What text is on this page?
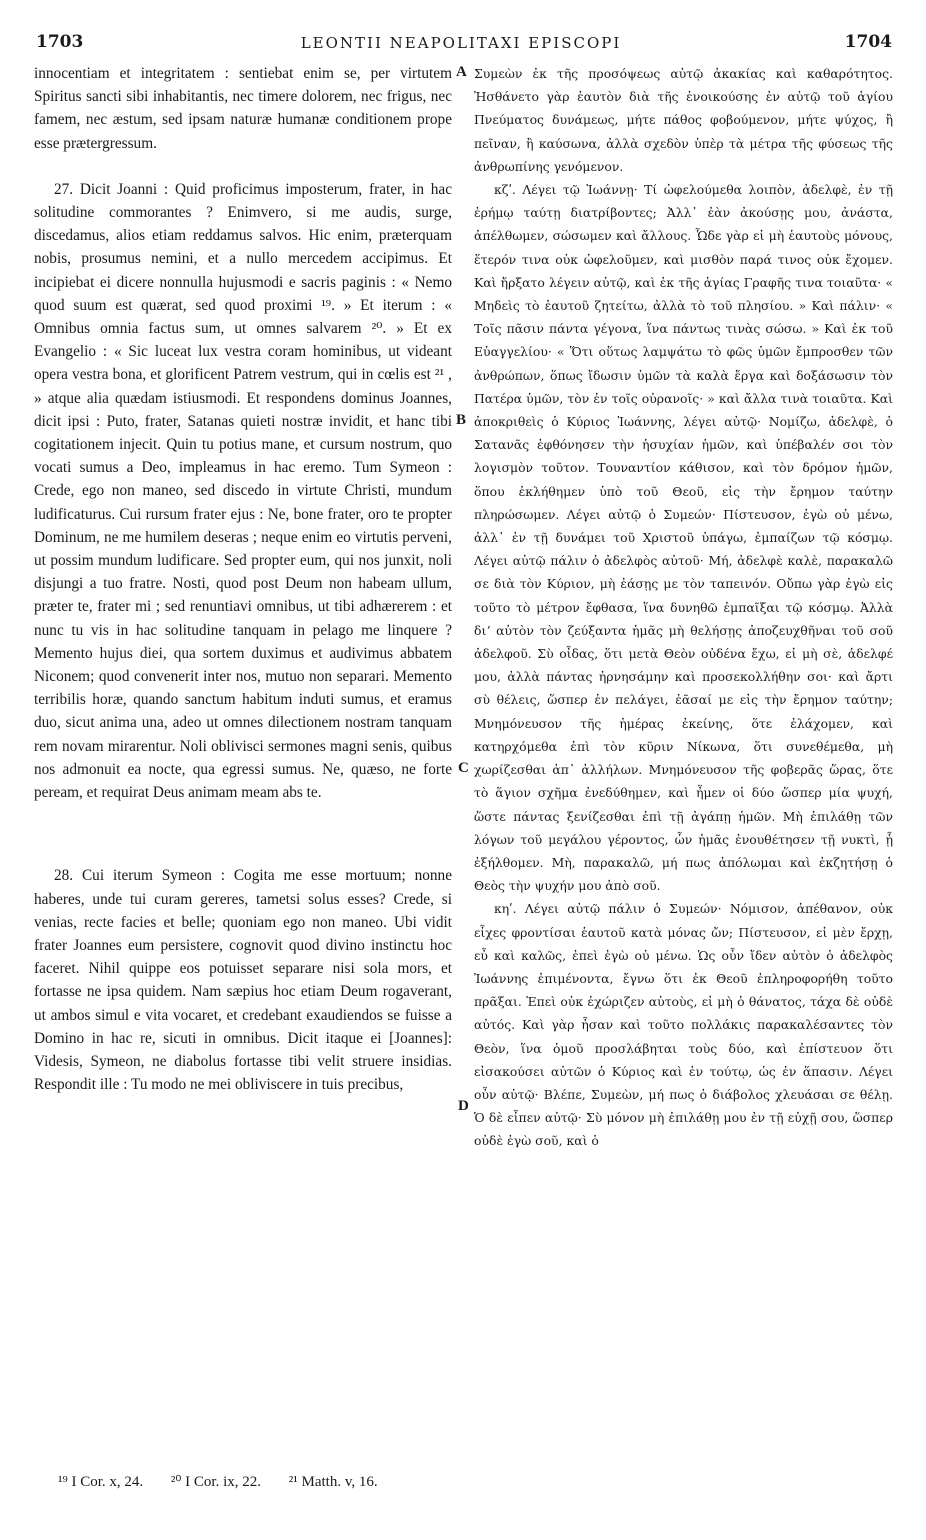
1703	LEONTII NEAPOLITAXI EPISCOPI	1704

innocentiam et integritatem : sentiebat enim se, per virtutem Spiritus sancti sibi inhabitantis, nec timere dolorem, nec frigus, nec famem, nec æstum, sed ipsam naturæ humanæ conditionem prope esse prætergressum.

27. Dicit Joanni : Quid proficimus imposterum, frater, in hac solitudine commorantes ? Enimvero, si me audis, surge, discedamus, alios etiam reddamus salvos. Hic enim, præterquam nobis, prosumus nemini, et a nullo mercedem accipimus. Et incipiebat ei dicere nonnulla hujusmodi e sacris paginis : « Nemo quod suum est quærat, sed quod proximi ¹⁹. » Et iterum : « Omnibus omnia factus sum, ut omnes salvarem ²⁰. » Et ex Evangelio : « Sic luceat lux vestra coram hominibus, ut videant opera vestra bona, et glorificent Patrem vestrum, qui in cœlis est ²¹ , » atque alia quædam istiusmodi. Et respondens dominus Joannes, dicit ipsi : Puto, frater, Satanas quieti nostræ invidit, et hanc tibi cogitationem injecit. Quin tu potius mane, et cursum nostrum, quo vocati sumus a Deo, impleamus in hac eremo. Tum Symeon : Crede, ego non maneo, sed discedo in virtute Christi, mundum ludificaturus. Cui rursum frater ejus : Ne, bone frater, oro te propter Dominum, ne me humilem deseras ; neque enim eo virtutis perveni, ut possim mundum ludificare. Sed propter eum, qui nos junxit, noli disjungi a tuo fratre. Nosti, quod post Deum non habeam ullum, præter te, frater mi ; sed renuntiavi omnibus, ut tibi adhærerem : et nunc tu vis in hac solitudine tanquam in pelago me linquere ? Memento hujus diei, qua sortem duximus et audivimus abbatem Niconem; quod convenerit inter nos, mutuo non separari. Memento terribilis horæ, quando sanctum habitum induti sumus, et eramus duo, sicut anima una, adeo ut omnes dilectionem nostram tanquam rem novam mirarentur. Noli oblivisci sermones magni senis, quibus nos admonuit ea nocte, qua egressi sumus. Ne, quæso, ne forte peream, et requirat Deus animam meam abs te.

28. Cui iterum Symeon : Cogita me esse mortuum; nonne haberes, unde tui curam gereres, tametsi solus esses? Crede, si venias, recte facies et belle; quoniam ego non maneo. Ubi vidit frater Joannes eum persistere, cognovit quod divino instinctu hoc faceret. Nihil quippe eos potuisset separare nisi sola mors, et fortasse ne ipsa quidem. Nam sæpius hoc etiam Deum rogaverant, ut ambos simul e vita vocaret, et credebant exaudiendos se fuisse a Domino in hac re, sicuti in omnibus. Dicit itaque ei [Joannes]: Videsis, Symeon, ne diabolus fortasse tibi velit struere insidias. Respondit ille : Tu modo ne mei obliviscere in tuis precibus,

Συμεὼν ἐκ τῆς προσόψεως αὐτῷ ἀκακίας καὶ καθαρότητος. Ἠσθάνετο γὰρ ἑαυτὸν διὰ τῆς ἐνοικούσης ἐν αὐτῷ τοῦ ἁγίου Πνεύματος δυνάμεως, μήτε πάθος φοβούμενον, μήτε ψύχος, ἢ πεῖναν, ἢ καύσωνα, ἀλλὰ σχεδὸν ὑπὲρ τὰ μέτρα τῆς φύσεως τῆς ἀνθρωπίνης γενόμενον.

κζʹ. Λέγει τῷ Ἰωάννῃ· Τί ὠφελούμεθα λοιπὸν, ἀδελφὲ, ἐν τῇ ἐρήμῳ ταύτῃ διατρίβοντες; Ἀλλ᾽ ἐὰν ἀκούσῃς μου, ἀνάστα, ἀπέλθωμεν, σώσωμεν καὶ ἄλλους. Ὧδε γὰρ εἰ μὴ ἑαυτοὺς μόνους, ἕτερόν τινα οὐκ ὠφελοῦμεν, καὶ μισθὸν παρά τινος οὐκ ἔχομεν. Καὶ ἤρξατο λέγειν αὐτῷ, καὶ ἐκ τῆς ἁγίας Γραφῆς τινα τοιαῦτα· « Μηδεὶς τὸ ἑαυτοῦ ζητείτω, ἀλλὰ τὸ τοῦ πλησίου. » Καὶ πάλιν· « Τοῖς πᾶσιν πάντα γέγονα, ἵνα πάντως τινὰς σώσω. » Καὶ ἐκ τοῦ Εὐαγγελίου· « Ὅτι οὕτως λαμψάτω τὸ φῶς ὑμῶν ἔμπροσθεν τῶν ἀνθρώπων, ὅπως ἴδωσιν ὑμῶν τὰ καλὰ ἔργα καὶ δοξάσωσιν τὸν Πατέρα ὑμῶν, τὸν ἐν τοῖς οὐρανοῖς· » καὶ ἄλλα τινὰ τοιαῦτα. Καὶ ἀποκριθεὶς ὁ Κύριος Ἰωάννης, λέγει αὐτῷ· Νομίζω, ἀδελφὲ, ὁ Σατανᾶς ἐφθόνησεν τὴν ἡσυχίαν ἡμῶν, καὶ ὑπέβαλέν σοι τὸν λογισμὸν τοῦτον. Τουναντίον κάθισον, καὶ τὸν δρόμον ἡμῶν, ὅπου ἐκλήθημεν ὑπὸ τοῦ Θεοῦ, εἰς τὴν ἔρημον ταύτην πληρώσωμεν. Λέγει αὐτῷ ὁ Συμεών· Πίστευσον, ἐγὼ οὐ μένω, ἀλλ᾽ ἐν τῇ δυνάμει τοῦ Χριστοῦ ὑπάγω, ἐμπαίζων τῷ κόσμῳ. Λέγει αὐτῷ πάλιν ὁ ἀδελφὸς αὐτοῦ· Μή, ἀδελφὲ καλὲ, παρακαλῶ σε διὰ τὸν Κύριον, μὴ ἐάσῃς με τὸν ταπεινόν. Οὔπω γὰρ ἐγὼ εἰς τοῦτο τὸ μέτρον ἔφθασα, ἵνα δυνηθῶ ἐμπαῖξαι τῷ κόσμῳ. Ἀλλὰ διʼ αὐτὸν τὸν ζεύξαντα ἡμᾶς μὴ θελήσῃς ἀποζευχθῆναι τοῦ σοῦ ἀδελφοῦ. Σὺ οἶδας, ὅτι μετὰ Θεὸν οὐδένα ἔχω, εἰ μὴ σὲ, ἀδελφέ μου, ἀλλὰ πάντας ἠρνησάμην καὶ προσεκολλήθην σοι· καὶ ἄρτι σὺ θέλεις, ὥσπερ ἐν πελάγει, ἐᾶσαί με εἰς τὴν ἔρημον ταύτην; Μνημόνευσον τῆς ἡμέρας ἐκείνης, ὅτε ἐλάχομεν, καὶ κατηρχόμεθα ἐπὶ τὸν κῦριν Νίκωνα, ὅτι συνεθέμεθα, μὴ χωρίζεσθαι ἀπ᾽ ἀλλήλων. Μνημόνευσον τῆς φοβερᾶς ὥρας, ὅτε τὸ ἅγιον σχῆμα ἐνεδύθημεν, καὶ ἦμεν οἱ δύο ὥσπερ μία ψυχή, ὥστε πάντας ξενίζεσθαι ἐπὶ τῇ ἀγάπῃ ἡμῶν. Μὴ ἐπιλάθῃ τῶν λόγων τοῦ μεγάλου γέροντος, ὧν ἡμᾶς ἐνουθέτησεν τῇ νυκτὶ, ᾗ ἐξήλθομεν. Μὴ, παρακαλῶ, μή πως ἀπόλωμαι καὶ ἐκζητήσῃ ὁ Θεὸς τὴν ψυχήν μου ἀπὸ σοῦ.

κηʹ. Λέγει αὐτῷ πάλιν ὁ Συμεών· Νόμισον, ἀπέθανον, οὐκ εἶχες φροντίσαι ἑαυτοῦ κατὰ μόνας ὤν; Πίστευσον, εἰ μὲν ἔρχῃ, εὖ καὶ καλῶς, ἐπεὶ ἐγὼ οὐ μένω. Ὡς οὖν ἴδεν αὐτὸν ὁ ἀδελφὸς Ἰωάννης ἐπιμένοντα, ἔγνω ὅτι ἐκ Θεοῦ ἐπληροφορήθη τοῦτο πρᾶξαι. Ἐπεὶ οὐκ ἐχώριζεν αὐτοὺς, εἰ μὴ ὁ θάνατος, τάχα δὲ οὐδὲ αὐτός. Καὶ γὰρ ἦσαν καὶ τοῦτο πολλάκις παρακαλέσαντες τὸν Θεὸν, ἵνα ὁμοῦ προσλάβηται τοὺς δύο, καὶ ἐπίστευον ὅτι εἰσακούσει αὐτῶν ὁ Κύριος καὶ ἐν τούτῳ, ὡς ἐν ἅπασιν. Λέγει οὖν αὐτῷ· Βλέπε, Συμεὼν, μή πως ὁ διάβολος χλευάσαι σε θέλῃ. Ὁ δὲ εἶπεν αὐτῷ· Σὺ μόνον μὴ ἐπιλάθῃ μου ἐν τῇ εὐχῇ σου, ὥσπερ οὐδὲ ἐγὼ σοῦ, καὶ ὁ

A
B
C
D
¹⁹ I Cor. x, 24. ²⁰ I Cor. ix, 22. ²¹ Matth. v, 16.
